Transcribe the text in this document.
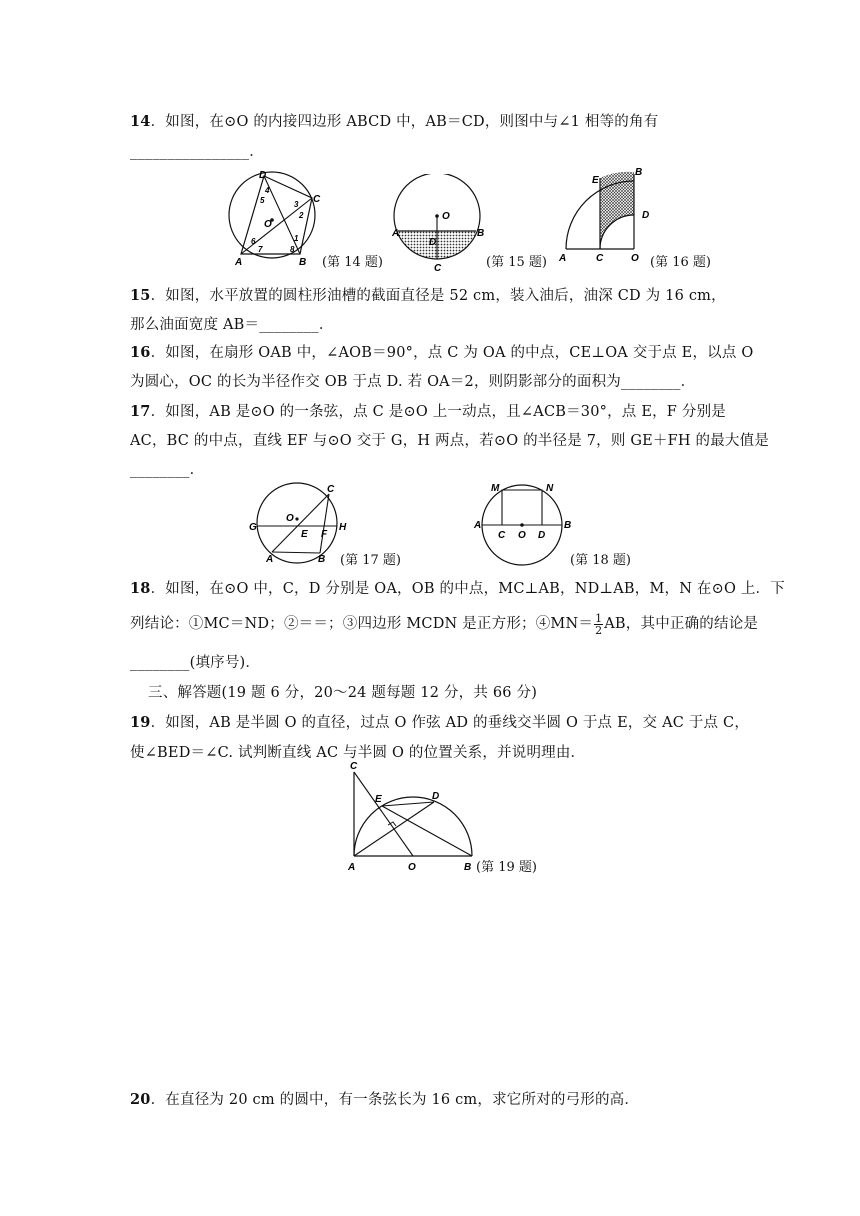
14．如图，在⊙O 的内接四边形 ABCD 中，AB＝CD，则图中与∠1 相等的角有
________________．
D
C
A	B
O
1
2
3
4
5
6
7	8
(第 14 题)
O
A	B
D
C	(第 15 题)
E
B
D
A	C	O (第 16 题)
15．如图，水平放置的圆柱形油槽的截面直径是 52 cm，装入油后，油深 CD 为 16 cm，
那么油面宽度 AB＝________．
16．如图，在扇形 OAB 中，∠AOB＝90°，点 C 为 OA 的中点，CE⊥OA 交于点 E，以点 O
为圆心，OC 的长为半径作交 OB 于点 D. 若 OA＝2，则阴影部分的面积为________．
17．如图，AB 是⊙O 的一条弦，点 C 是⊙O 上一动点，且∠ACB＝30°，点 E，F 分别是
AC，BC 的中点，直线 EF 与⊙O 交于 G，H 两点，若⊙O 的半径是 7，则 GE＋FH 的最大值是
________．
C
G
O
E F
H
A	B (第 17 题)
M	N
A
C O D
B
(第 18 题)
18．如图，在⊙O 中，C，D 分别是 OA，OB 的中点，MC⊥AB，ND⊥AB，M，N 在⊙O 上．下
列结论：①MC＝ND；②＝＝；③四边形 MCDN 是正方形；④MN＝ $\frac{1}{2}$ AB，其中正确的结论是
________(填序号)．
三、解答题(19 题 6 分，20～24 题每题 12 分，共 66 分)
19．如图，AB 是半圆 O 的直径，过点 O 作弦 AD 的垂线交半圆 O 于点 E，交 AC 于点 C，
使∠BED＝∠C. 试判断直线 AC 与半圆 O 的位置关系，并说明理由．
C
E	D
A	O	B (第 19 题)
20．在直径为 20 cm 的圆中，有一条弦长为 16 cm，求它所对的弓形的高．
